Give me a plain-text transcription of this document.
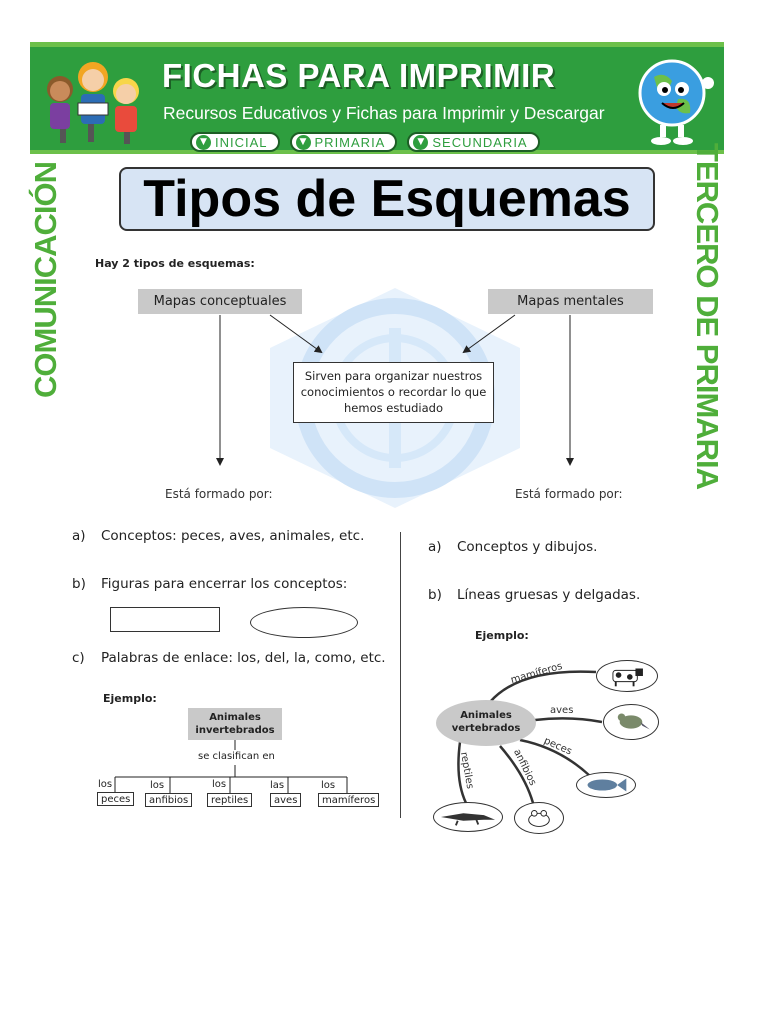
FICHAS PARA IMPRIMIR
Recursos Educativos y Fichas para Imprimir y Descargar
▼ INICIAL	▼ PRIMARIA	▼ SECUNDARIA
COMUNICACIÓN	TERCERO DE PRIMARIA
Tipos de Esquemas
Hay 2 tipos de esquemas:
Mapas conceptuales	Mapas mentales
Sirven para organizar nuestros conocimientos o recordar lo que hemos estudiado
Está formado por:	Está formado por:
a) Conceptos: peces, aves, animales, etc.
b) Figuras para encerrar los conceptos:
c) Palabras de enlace: los, del, la, como, etc.
a) Conceptos y dibujos.
b) Líneas gruesas y delgadas.
Ejemplo:
Animales invertebrados
se clasifican en
los	los	los	las	los
peces	anfibios	reptiles	aves	mamíferos
Ejemplo:
Animales vertebrados
mamíferos
aves
peces
anfibios
reptiles
